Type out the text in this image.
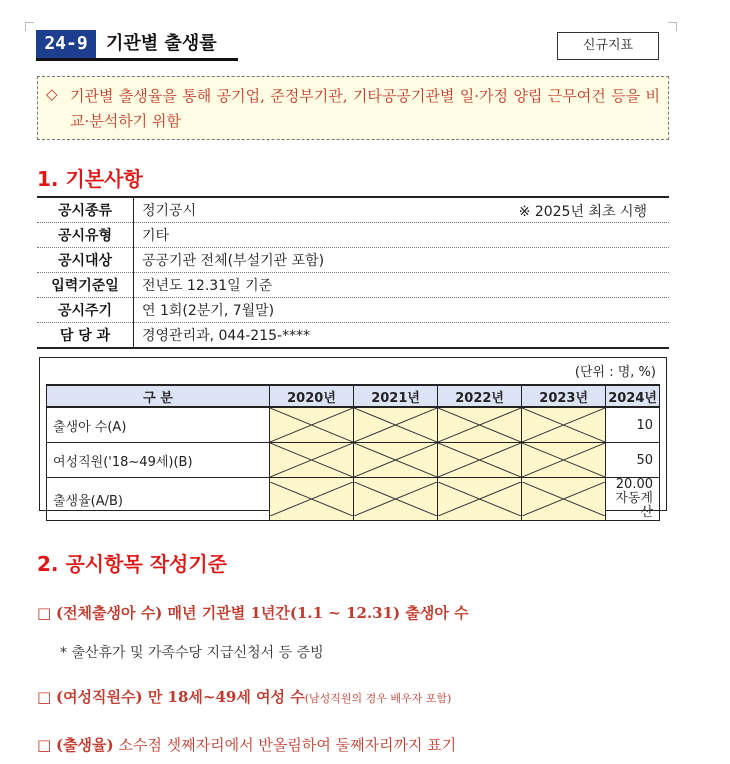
24-9	기관별 출생률	신규지표
◇ 기관별 출생율을 통해 공기업, 준정부기관, 기타공공기관별 일·가정 양립 근무여건 등을 비교·분석하기 위함
1. 기본사항
공시종류	정기공시 ※ 2025년 최초 시행

공시유형	기타
공시대상	공공기관 전체(부설기관 포함)
입력기준일	전년도 12.31일 기준
공시주기	연 1회(2분기, 7월말)
담 당 과	경영관리과, 044-215-****
(단위 : 명, %)
구 분	2020년	2021년	2022년	2023년	2024년
출생아 수(A)					10
여성직원('18~49세)(B)					50
출생율(A/B)					20.00
자동계산
2. 공시항목 작성기준
□ (전체출생아 수) 매년 기관별 1년간(1.1 ~ 12.31) 출생아 수
* 출산휴가 및 가족수당 지급신청서 등 증빙
□ (여성직원수) 만 18세~49세 여성 수(남성직원의 경우 배우자 포함)
□ (출생율) 소수점 셋째자리에서 반올림하여 둘째자리까지 표기
